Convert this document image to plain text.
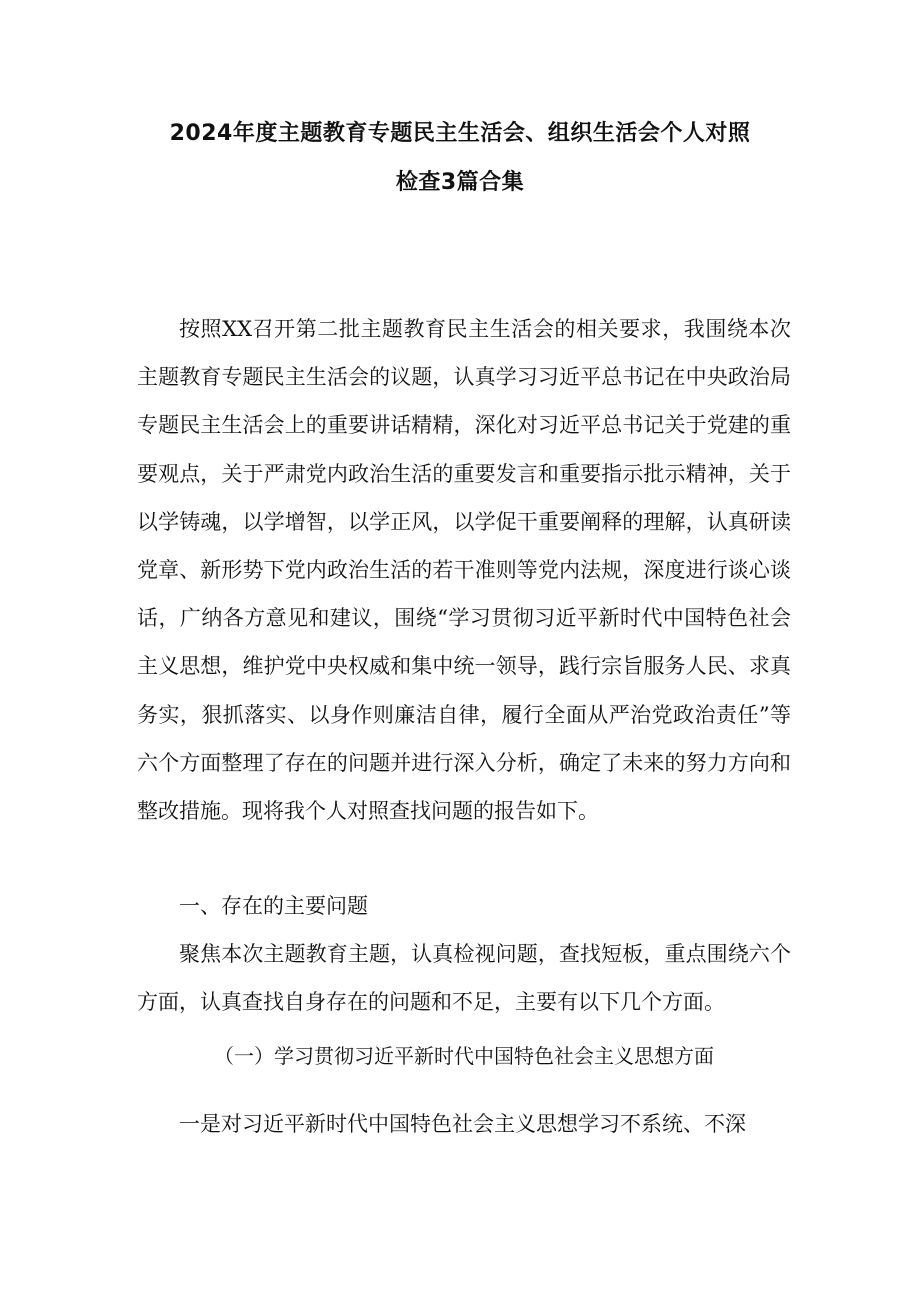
2024年度主题教育专题民主生活会、组织生活会个人对照
检查3篇合集

按照XX召开第二批主题教育民主生活会的相关要求，我围绕本次主题教育专题民主生活会的议题，认真学习习近平总书记在中央政治局专题民主生活会上的重要讲话精精，深化对习近平总书记关于党建的重要观点，关于严肃党内政治生活的重要发言和重要指示批示精神，关于以学铸魂，以学增智，以学正风，以学促干重要阐释的理解，认真研读党章、新形势下党内政治生活的若干准则等党内法规，深度进行谈心谈话，广纳各方意见和建议，围绕“学习贯彻习近平新时代中国特色社会主义思想，维护党中央权威和集中统一领导，践行宗旨服务人民、求真务实，狠抓落实、以身作则廉洁自律，履行全面从严治党政治责任”等六个方面整理了存在的问题并进行深入分析，确定了未来的努力方向和整改措施。现将我个人对照查找问题的报告如下。

一、存在的主要问题

聚焦本次主题教育主题，认真检视问题，查找短板，重点围绕六个方面，认真查找自身存在的问题和不足，主要有以下几个方面。

（一）学习贯彻习近平新时代中国特色社会主义思想方面

一是对习近平新时代中国特色社会主义思想学习不系统、不深
